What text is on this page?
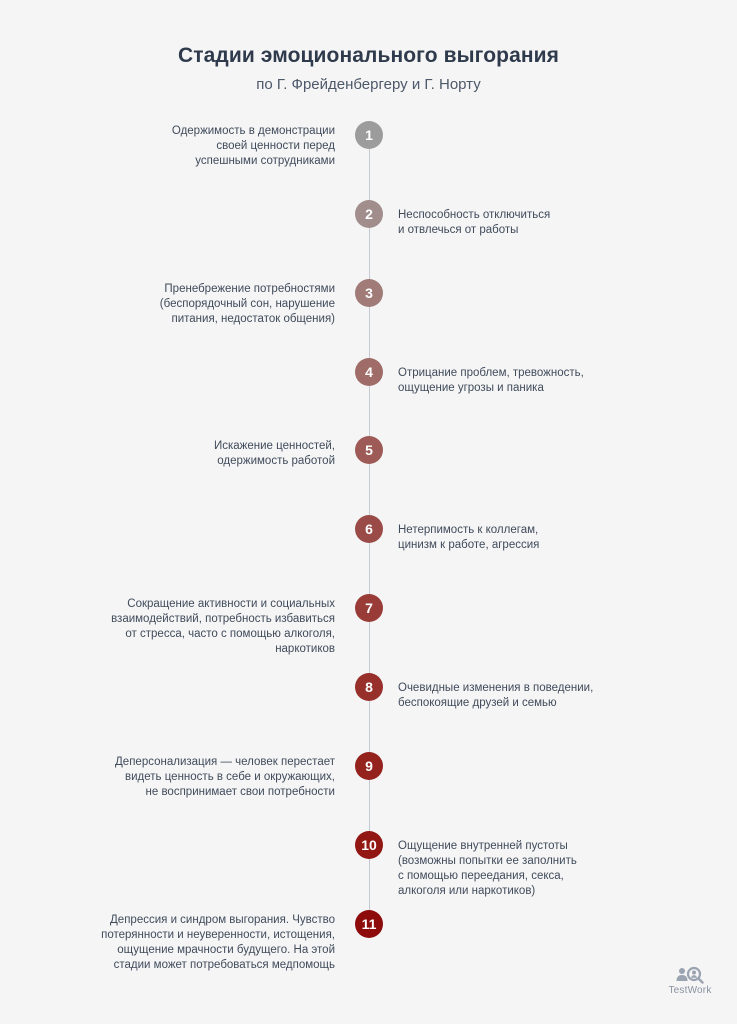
Стадии эмоционального выгорания
по Г. Фрейденбергеру и Г. Норту
1
Одержимость в демонстрации
своей ценности перед
успешными сотрудниками
2	Неспособность отключиться
и отвлечься от работы
3
Пренебрежение потребностями
(беспорядочный сон, нарушение
питания, недостаток общения)
4	Отрицание проблем, тревожность,
ощущение угрозы и паника
5
Искажение ценностей,
одержимость работой
6	Нетерпимость к коллегам,
цинизм к работе, агрессия
7
Сокращение активности и социальных
взаимодействий, потребность избавиться
от стресса, часто с помощью алкоголя,
наркотиков
8	Очевидные изменения в поведении,
беспокоящие друзей и семью
9
Деперсонализация — человек перестает
видеть ценность в себе и окружающих,
не воспринимает свои потребности
10	Ощущение внутренней пустоты
(возможны попытки ее заполнить
с помощью переедания, секса,
алкоголя или наркотиков)
11
Депрессия и синдром выгорания. Чувство
потерянности и неуверенности, истощения,
ощущение мрачности будущего. На этой
стадии может потребоваться медпомощь
TestWork
